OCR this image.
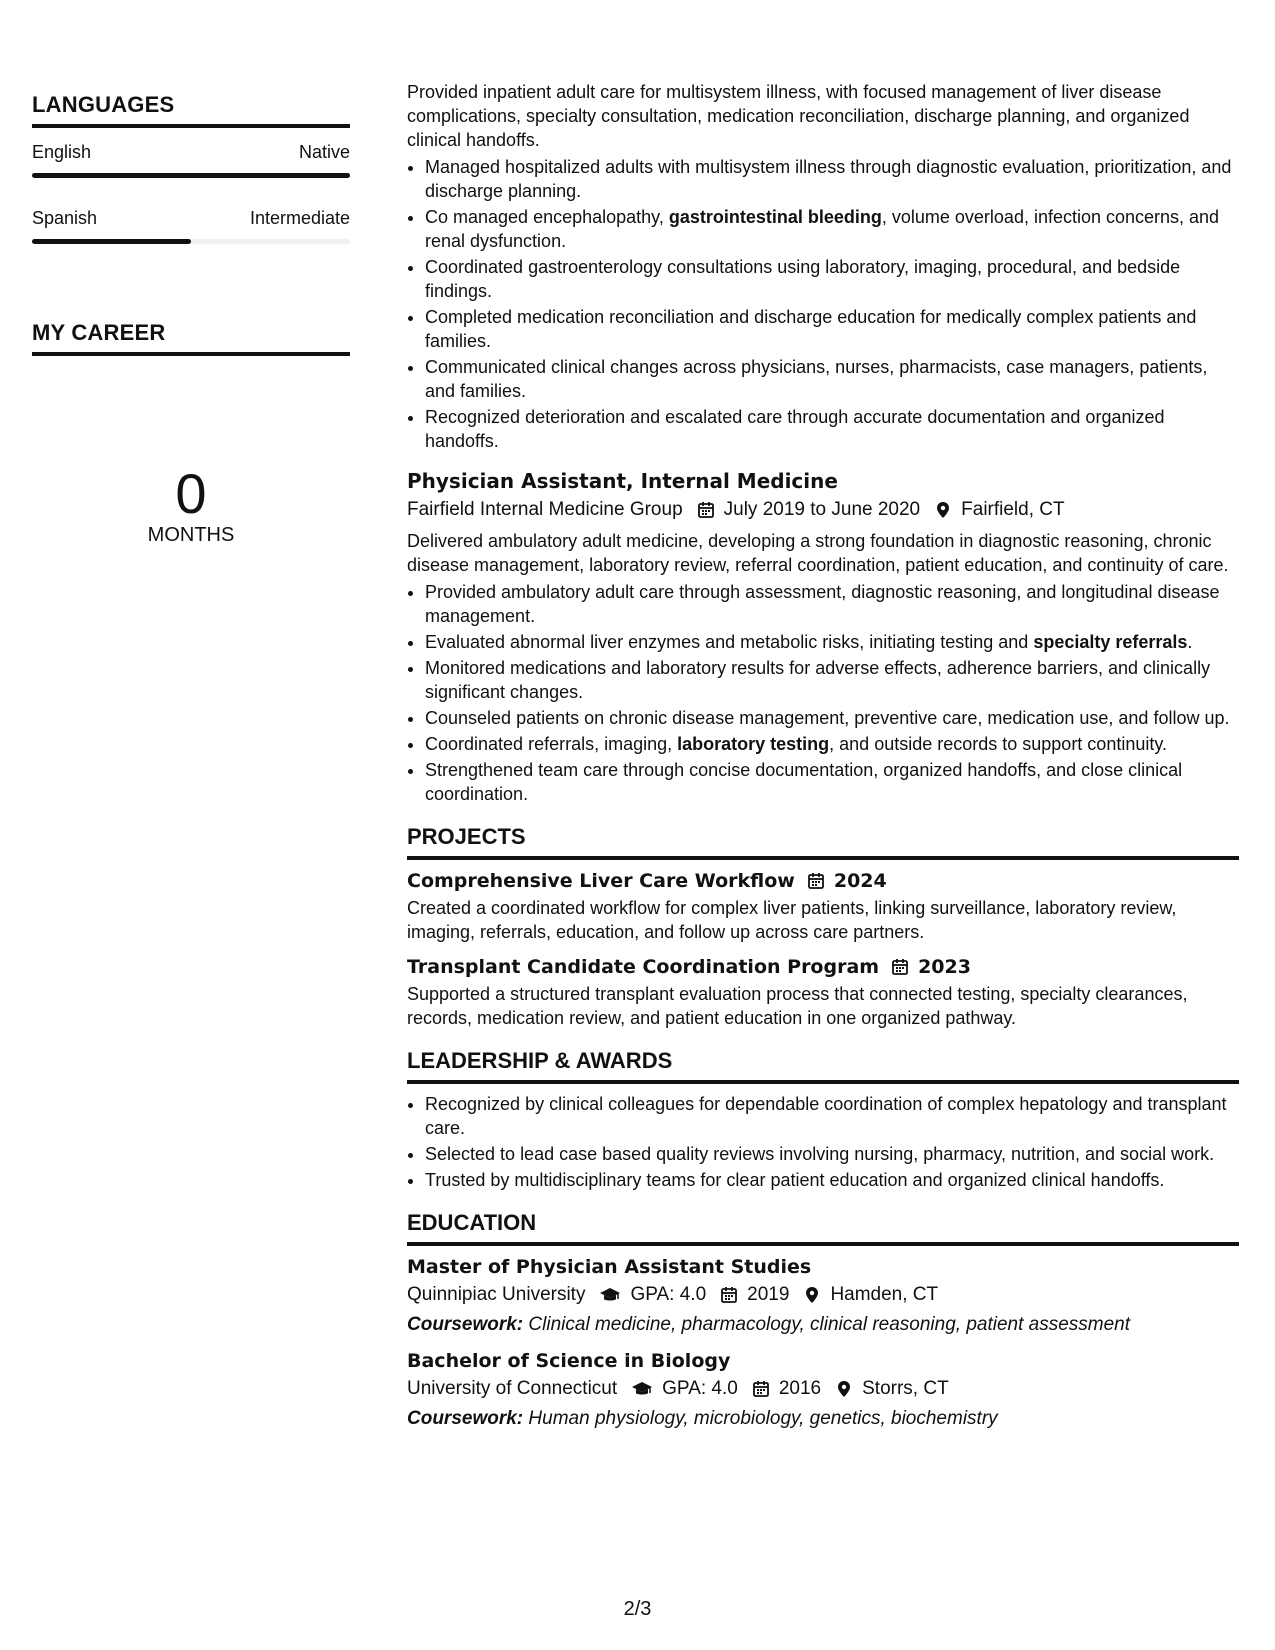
LANGUAGES
English	Native
Spanish	Intermediate
MY CAREER
0
MONTHS

Provided inpatient adult care for multisystem illness, with focused management of liver disease complications, specialty consultation, medication reconciliation, discharge planning, and organized clinical handoffs.

• Managed hospitalized adults with multisystem illness through diagnostic evaluation, prioritization, and discharge planning.
• Co managed encephalopathy, gastrointestinal bleeding, volume overload, infection concerns, and renal dysfunction.
• Coordinated gastroenterology consultations using laboratory, imaging, procedural, and bedside findings.
• Completed medication reconciliation and discharge education for medically complex patients and families.
• Communicated clinical changes across physicians, nurses, pharmacists, case managers, patients, and families.
• Recognized deterioration and escalated care through accurate documentation and organized handoffs.
Physician Assistant, Internal Medicine
Fairfield Internal Medicine Group July 2019 to June 2020 Fairfield, CT

Delivered ambulatory adult medicine, developing a strong foundation in diagnostic reasoning, chronic disease management, laboratory review, referral coordination, patient education, and continuity of care.

• Provided ambulatory adult care through assessment, diagnostic reasoning, and longitudinal disease management.
• Evaluated abnormal liver enzymes and metabolic risks, initiating testing and specialty referrals.
• Monitored medications and laboratory results for adverse effects, adherence barriers, and clinically significant changes.
• Counseled patients on chronic disease management, preventive care, medication use, and follow up.
• Coordinated referrals, imaging, laboratory testing, and outside records to support continuity.
• Strengthened team care through concise documentation, organized handoffs, and close clinical coordination.
PROJECTS
Comprehensive Liver Care Workflow 2024

Created a coordinated workflow for complex liver patients, linking surveillance, laboratory review, imaging, referrals, education, and follow up across care partners.

Transplant Candidate Coordination Program 2023

Supported a structured transplant evaluation process that connected testing, specialty clearances, records, medication review, and patient education in one organized pathway.

LEADERSHIP & AWARDS
• Recognized by clinical colleagues for dependable coordination of complex hepatology and transplant care.
• Selected to lead case based quality reviews involving nursing, pharmacy, nutrition, and social work.
• Trusted by multidisciplinary teams for clear patient education and organized clinical handoffs.
EDUCATION
Master of Physician Assistant Studies
Quinnipiac University GPA: 4.0 2019 Hamden, CT

Coursework: Clinical medicine, pharmacology, clinical reasoning, patient assessment

Bachelor of Science in Biology
University of Connecticut GPA: 4.0 2016 Storrs, CT

Coursework: Human physiology, microbiology, genetics, biochemistry

2/3
